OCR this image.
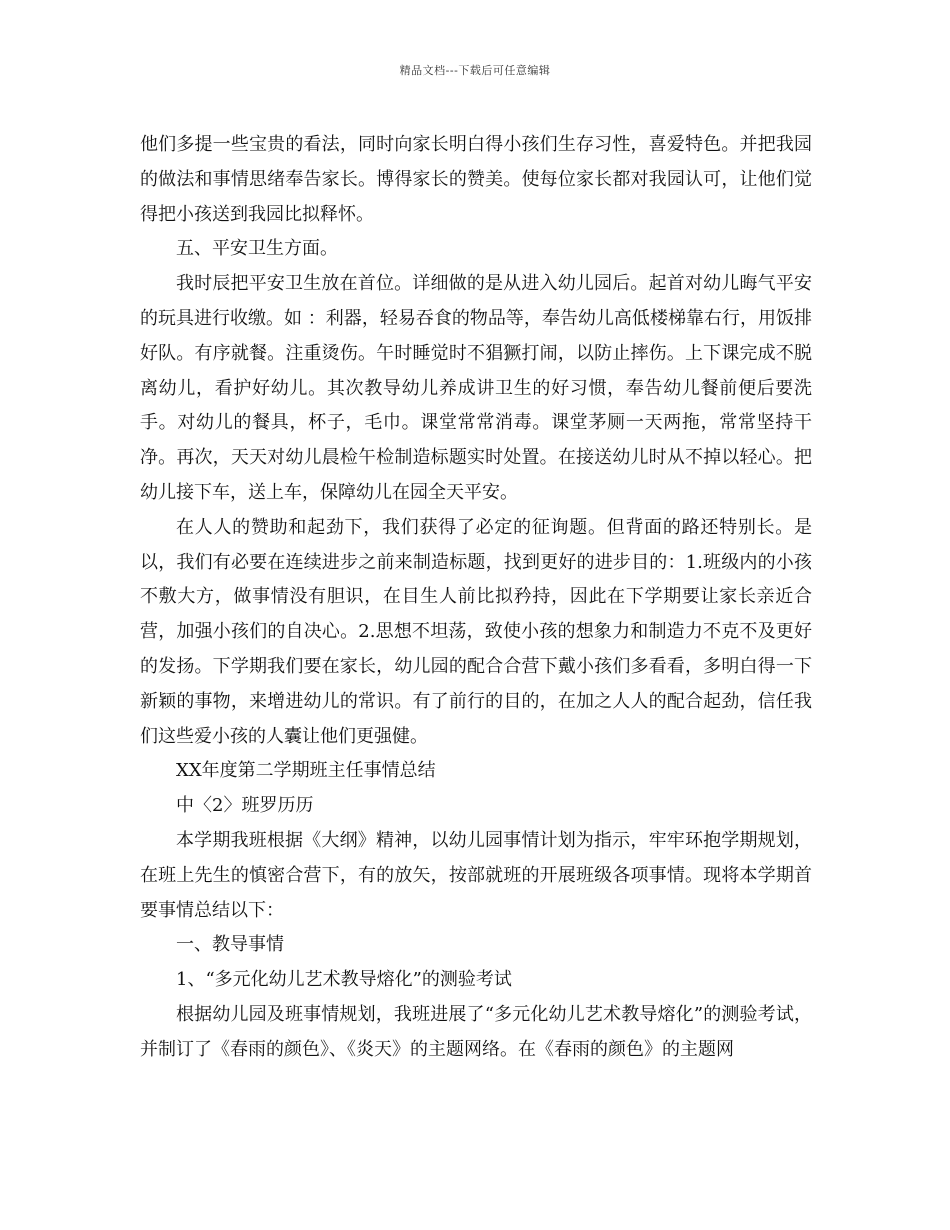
精品文档---下载后可任意编辑

他们多提一些宝贵的看法，同时向家长明白得小孩们生存习性，喜爱特色。并把我园的做法和事情思绪奉告家长。博得家长的赞美。使每位家长都对我园认可，让他们觉得把小孩送到我园比拟释怀。

五、平安卫生方面。

我时辰把平安卫生放在首位。详细做的是从进入幼儿园后。起首对幼儿晦气平安的玩具进行收缴。如 ：利器，轻易吞食的物品等，奉告幼儿高低楼梯靠右行，用饭排好队。有序就餐。注重烫伤。午时睡觉时不猖獗打闹，以防止摔伤。上下课完成不脱离幼儿，看护好幼儿。其次教导幼儿养成讲卫生的好习惯，奉告幼儿餐前便后要洗手。对幼儿的餐具，杯子，毛巾。课堂常常消毒。课堂茅厕一天两拖，常常坚持干净。再次，天天对幼儿晨检午检制造标题实时处置。在接送幼儿时从不掉以轻心。把幼儿接下车，送上车，保障幼儿在园全天平安。

在人人的赞助和起劲下，我们获得了必定的征询题。但背面的路还特别长。是以，我们有必要在连续进步之前来制造标题，找到更好的进步目的：1.班级内的小孩不敷大方，做事情没有胆识，在目生人前比拟矜持，因此在下学期要让家长亲近合营，加强小孩们的自决心。2.思想不坦荡，致使小孩的想象力和制造力不克不及更好的发扬。下学期我们要在家长，幼儿园的配合合营下戴小孩们多看看，多明白得一下新颖的事物，来增进幼儿的常识。有了前行的目的，在加之人人的配合起劲，信任我们这些爱小孩的人囊让他们更强健。

XX年度第二学期班主任事情总结

中〈2〉班罗历历

本学期我班根据《大纲》精神，以幼儿园事情计划为指示，牢牢环抱学期规划，在班上先生的慎密合营下，有的放矢，按部就班的开展班级各项事情。现将本学期首要事情总结以下：

一、教导事情

1、“多元化幼儿艺术教导熔化”的测验考试

根据幼儿园及班事情规划，我班进展了“多元化幼儿艺术教导熔化”的测验考试，并制订了《春雨的颜色》、《炎天》的主题网络。在《春雨的颜色》的主题网
